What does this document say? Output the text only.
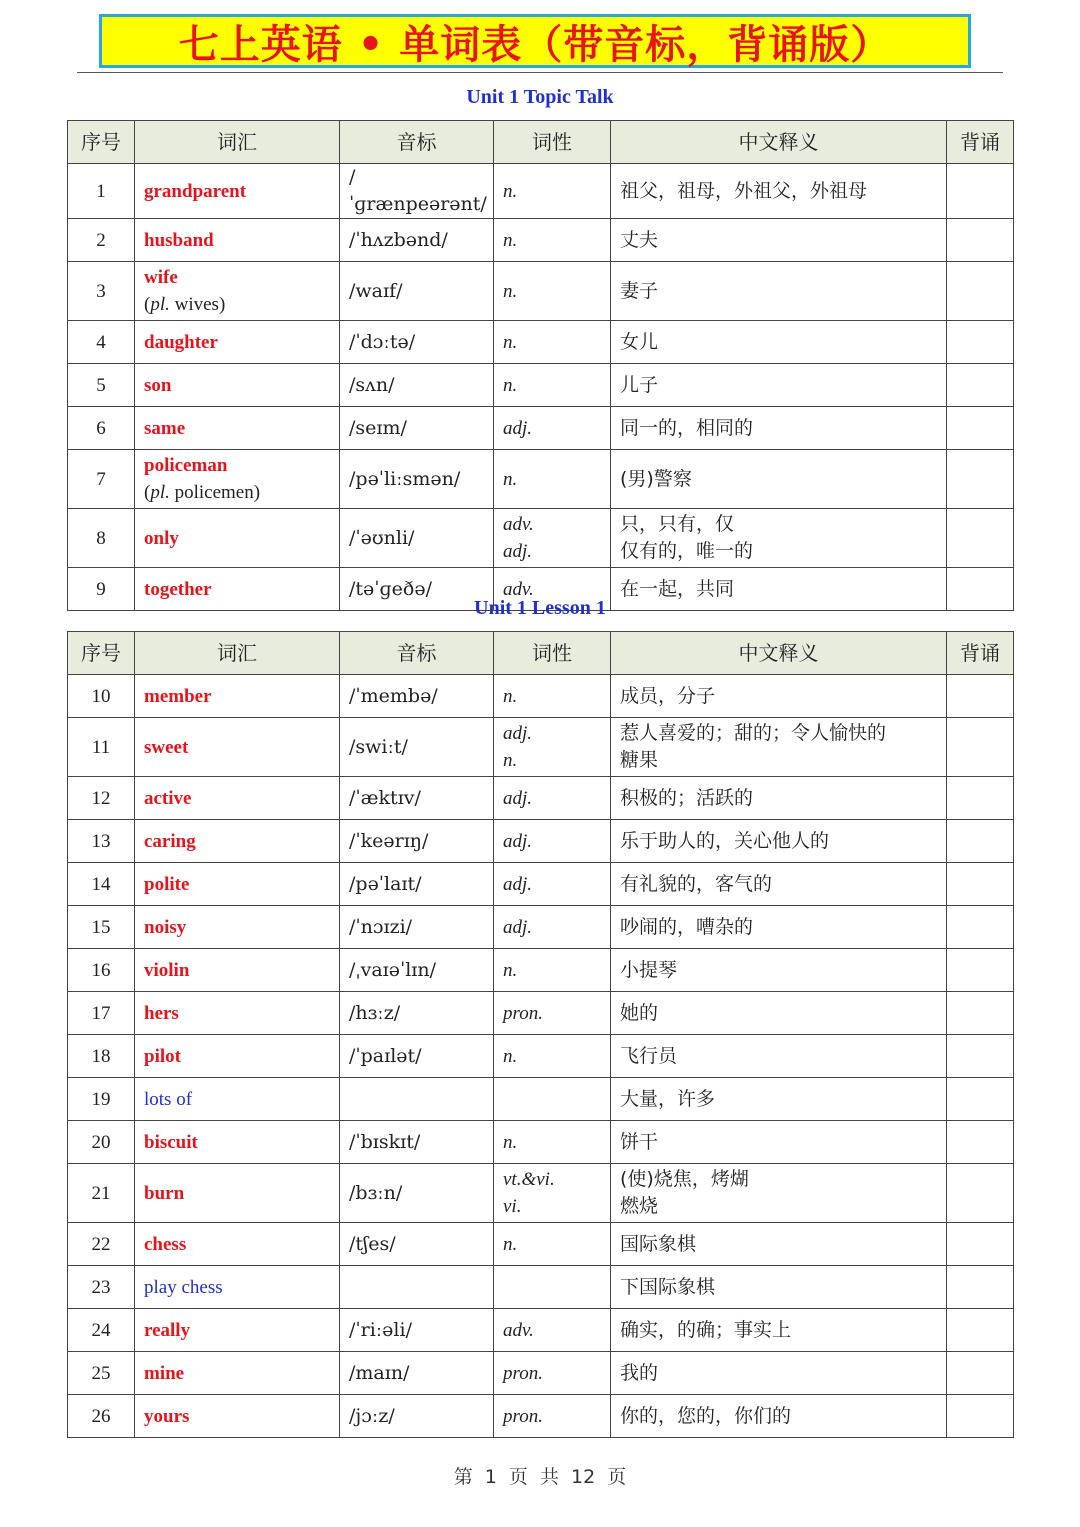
七上英语 • 单词表（带音标，背诵版）
Unit 1 Topic Talk
序号	词汇	音标	词性	中文释义	背诵
1	grandparent	/ˈɡrænpeərənt/	n.	祖父，祖母，外祖父，外祖母	

2	husband	/ˈhʌzbənd/	n.	丈夫	

3	wife
(pl. wives)	/waɪf/	n.	妻子	

4	daughter	/ˈdɔːtə/	n.	女儿	

5	son	/sʌn/	n.	儿子	

6	same	/seɪm/	adj.	同一的，相同的	

7	policeman
(pl. policemen)	/pəˈliːsmən/	n.	(男)警察	

8	only	/ˈəʊnli/	adv.
adj.	只，只有，仅
仅有的，唯一的	

9	together	/təˈɡeðə/	adv.	在一起，共同	

Unit 1 Lesson 1
序号	词汇	音标	词性	中文释义	背诵
10	member	/ˈmembə/	n.	成员，分子	

11	sweet	/swiːt/	adj.
n.	惹人喜爱的；甜的；令人愉快的
糖果	

12	active	/ˈæktɪv/	adj.	积极的；活跃的	

13	caring	/ˈkeərɪŋ/	adj.	乐于助人的，关心他人的	

14	polite	/pəˈlaɪt/	adj.	有礼貌的，客气的	

15	noisy	/ˈnɔɪzi/	adj.	吵闹的，嘈杂的	

16	violin	/ˌvaɪəˈlɪn/	n.	小提琴	

17	hers	/hɜːz/	pron.	她的	

18	pilot	/ˈpaɪlət/	n.	飞行员	

19	lots of			大量，许多	

20	biscuit	/ˈbɪskɪt/	n.	饼干	

21	burn	/bɜːn/	vt.&vi.
vi.	(使)烧焦，烤煳
燃烧	

22	chess	/tʃes/	n.	国际象棋	

23	play chess			下国际象棋	

24	really	/ˈriːəli/	adv.	确实，的确；事实上	

25	mine	/maɪn/	pron.	我的	

26	yours	/jɔːz/	pron.	你的，您的，你们的	

第 1 页 共 12 页
